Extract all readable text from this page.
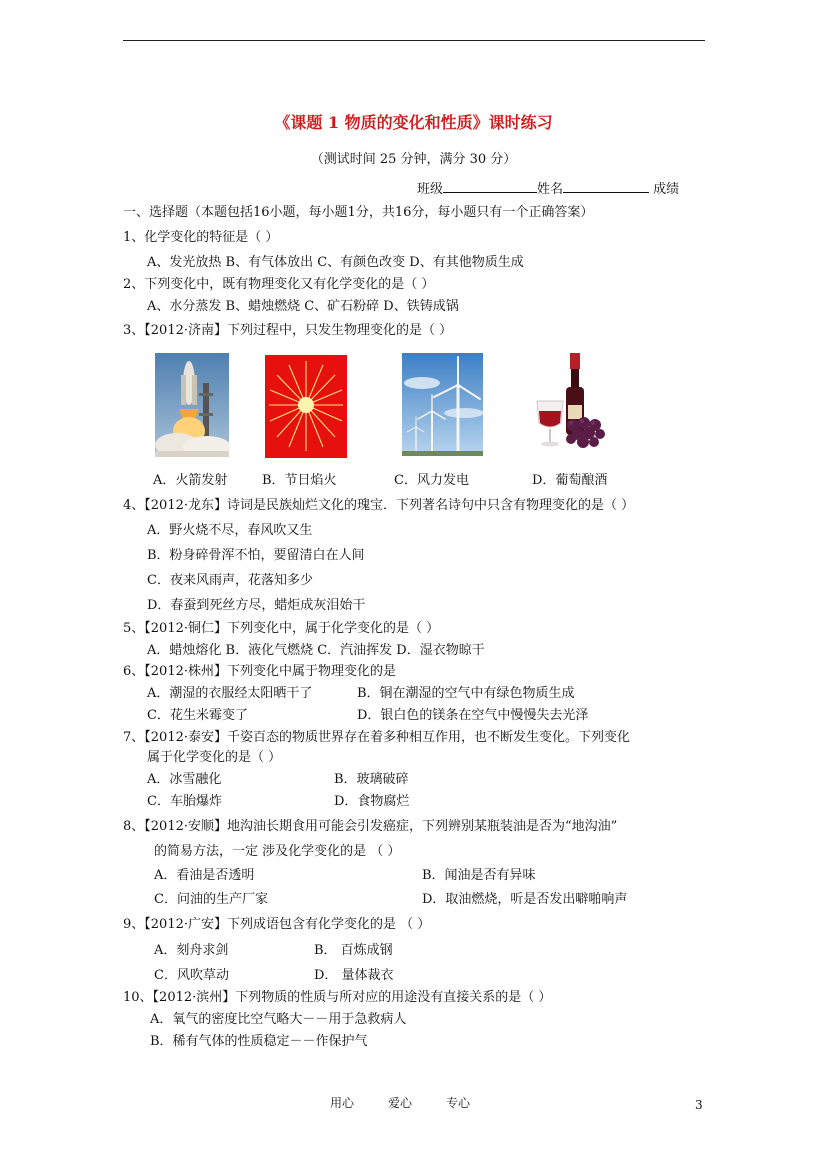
《课题 1 物质的变化和性质》课时练习
（测试时间 25 分钟，满分 30 分）
班级	姓名	成绩
一、选择题（本题包括16小题，每小题1分，共16分，每小题只有一个正确答案）
1、化学变化的特征是（ ）
A、发光放热 B、有气体放出 C、有颜色改变 D、有其他物质生成
2、下列变化中，既有物理变化又有化学变化的是（ ）
A、水分蒸发 B、蜡烛燃烧 C、矿石粉碎 D、铁铸成锅
3、【2012·济南】下列过程中，只发生物理变化的是（ ）
A．火箭发射	B．节日焰火	C．风力发电	D．葡萄酿酒
4、【2012·龙东】诗词是民族灿烂文化的瑰宝．下列著名诗句中只含有物理变化的是（ ）
A．野火烧不尽，春风吹又生
B．粉身碎骨浑不怕，要留清白在人间
C．夜来风雨声，花落知多少
D．春蚕到死丝方尽，蜡炬成灰泪始干
5、【2012·铜仁】下列变化中，属于化学变化的是（ ）
A．蜡烛熔化 B．液化气燃烧 C．汽油挥发 D．湿衣物晾干
6、【2012·株州】下列变化中属于物理变化的是
A．潮湿的衣服经太阳晒干了	B．铜在潮湿的空气中有绿色物质生成
C．花生米霉变了	D．银白色的镁条在空气中慢慢失去光泽
7、【2012·泰安】千姿百态的物质世界存在着多种相互作用，也不断发生变化。下列变化
属于化学变化的是（ ）
A．冰雪融化	B．玻璃破碎
C．车胎爆炸	D．食物腐烂
8、【2012·安顺】地沟油长期食用可能会引发癌症，下列辨别某瓶装油是否为“地沟油”
的简易方法，一定 涉及化学变化的是 （ ）
A．看油是否透明	B．闻油是否有异味
C．问油的生产厂家	D．取油燃烧，听是否发出噼啪响声
9、【2012·广安】下列成语包含有化学变化的是 （ ）
A．刻舟求剑	B． 百炼成钢
C．风吹草动	D． 量体裁衣
10、【2012·滨州】下列物质的性质与所对应的用途没有直接关系的是（ ）
A．氧气的密度比空气略大－－用于急救病人
B．稀有气体的性质稳定－－作保护气
用心	爱心	专心	3
